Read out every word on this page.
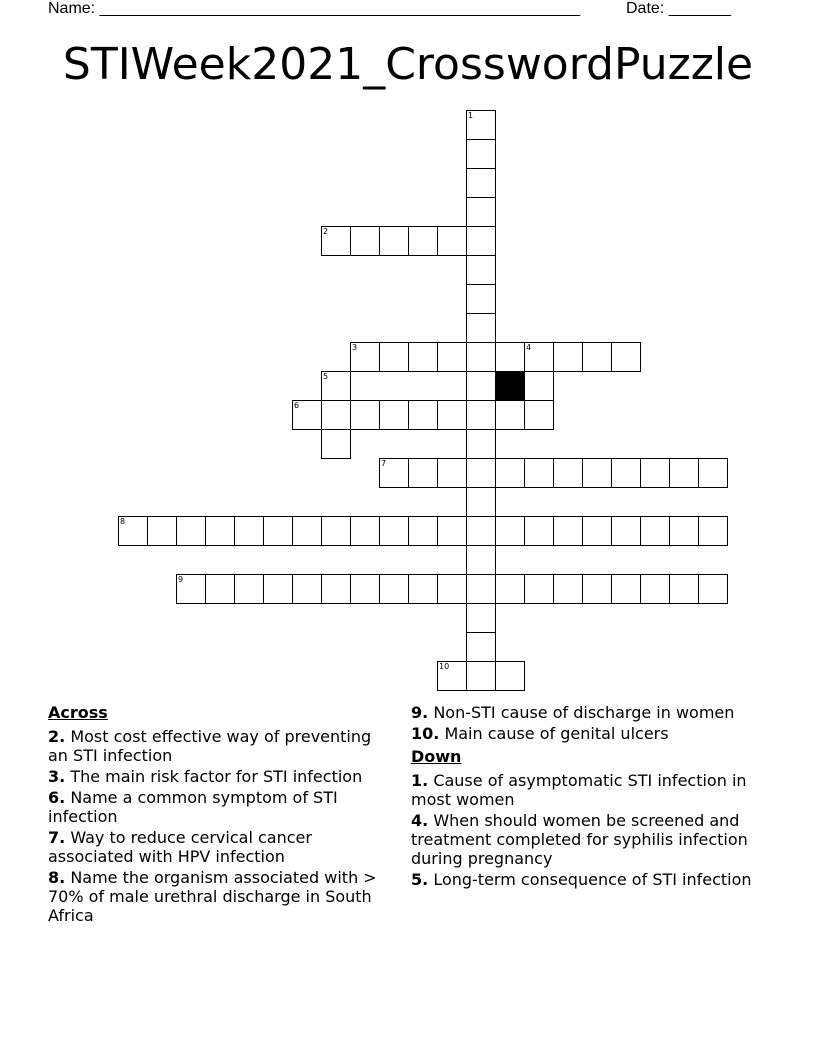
Name: ______________________________________________________	Date: _______
STIWeek2021_CrosswordPuzzle
1
2
3	4
5
6
7
8
9
10
Across
2. Most cost effective way of preventing an STI infection
3. The main risk factor for STI infection
6. Name a common symptom of STI infection
7. Way to reduce cervical cancer associated with HPV infection
8. Name the organism associated with > 70% of male urethral discharge in South Africa
9. Non-STI cause of discharge in women
10. Main cause of genital ulcers
Down
1. Cause of asymptomatic STI infection in most women
4. When should women be screened and treatment completed for syphilis infection during pregnancy
5. Long-term consequence of STI infection
